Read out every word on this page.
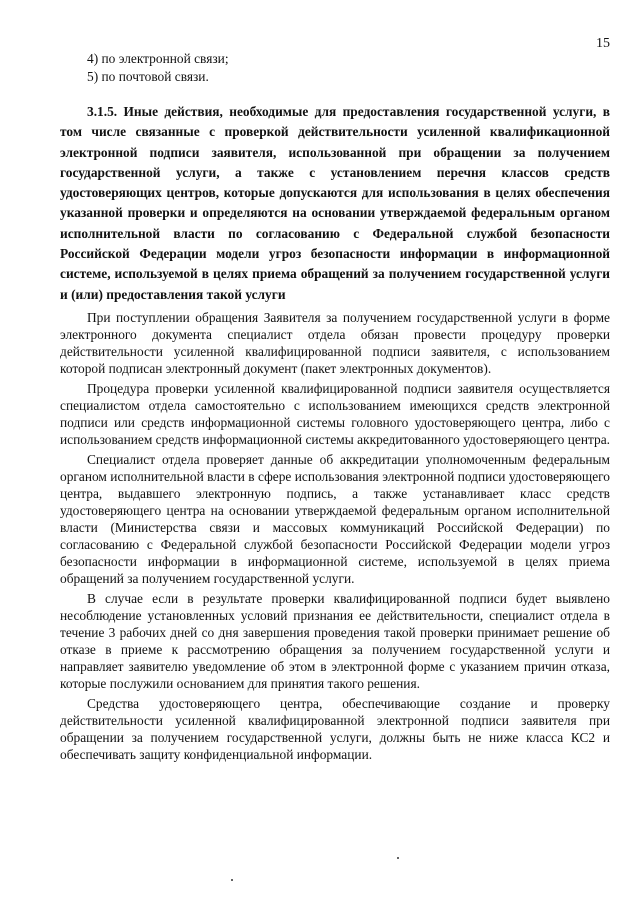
15

4) по электронной связи;

5) по почтовой связи.

3.1.5. Иные действия, необходимые для предоставления государственной услуги, в том числе связанные с проверкой действительности усиленной квалификационной электронной подписи заявителя, использованной при обращении за получением государственной услуги, а также с установлением перечня классов средств удостоверяющих центров, которые допускаются для использования в целях обеспечения указанной проверки и определяются на основании утверждаемой федеральным органом исполнительной власти по согласованию с Федеральной службой безопасности Российской Федерации модели угроз безопасности информации в информационной системе, используемой в целях приема обращений за получением государственной услуги и (или) предоставления такой услуги

При поступлении обращения Заявителя за получением государственной услуги в форме электронного документа специалист отдела обязан провести процедуру проверки действительности усиленной квалифицированной подписи заявителя, с использованием которой подписан электронный документ (пакет электронных документов).

Процедура проверки усиленной квалифицированной подписи заявителя осуществляется специалистом отдела самостоятельно с использованием имеющихся средств электронной подписи или средств информационной системы головного удостоверяющего центра, либо с использованием средств информационной системы аккредитованного удостоверяющего центра.

Специалист отдела проверяет данные об аккредитации уполномоченным федеральным органом исполнительной власти в сфере использования электронной подписи удостоверяющего центра, выдавшего электронную подпись, а также устанавливает класс средств удостоверяющего центра на основании утверждаемой федеральным органом исполнительной власти (Министерства связи и массовых коммуникаций Российской Федерации) по согласованию с Федеральной службой безопасности Российской Федерации модели угроз безопасности информации в информационной системе, используемой в целях приема обращений за получением государственной услуги.

В случае если в результате проверки квалифицированной подписи будет выявлено несоблюдение установленных условий признания ее действительности, специалист отдела в течение 3 рабочих дней со дня завершения проведения такой проверки принимает решение об отказе в приеме к рассмотрению обращения за получением государственной услуги и направляет заявителю уведомление об этом в электронной форме с указанием причин отказа, которые послужили основанием для принятия такого решения.

Средства удостоверяющего центра, обеспечивающие создание и проверку действительности усиленной квалифицированной электронной подписи заявителя при обращении за получением государственной услуги, должны быть не ниже класса КС2 и обеспечивать защиту конфиденциальной информации.
